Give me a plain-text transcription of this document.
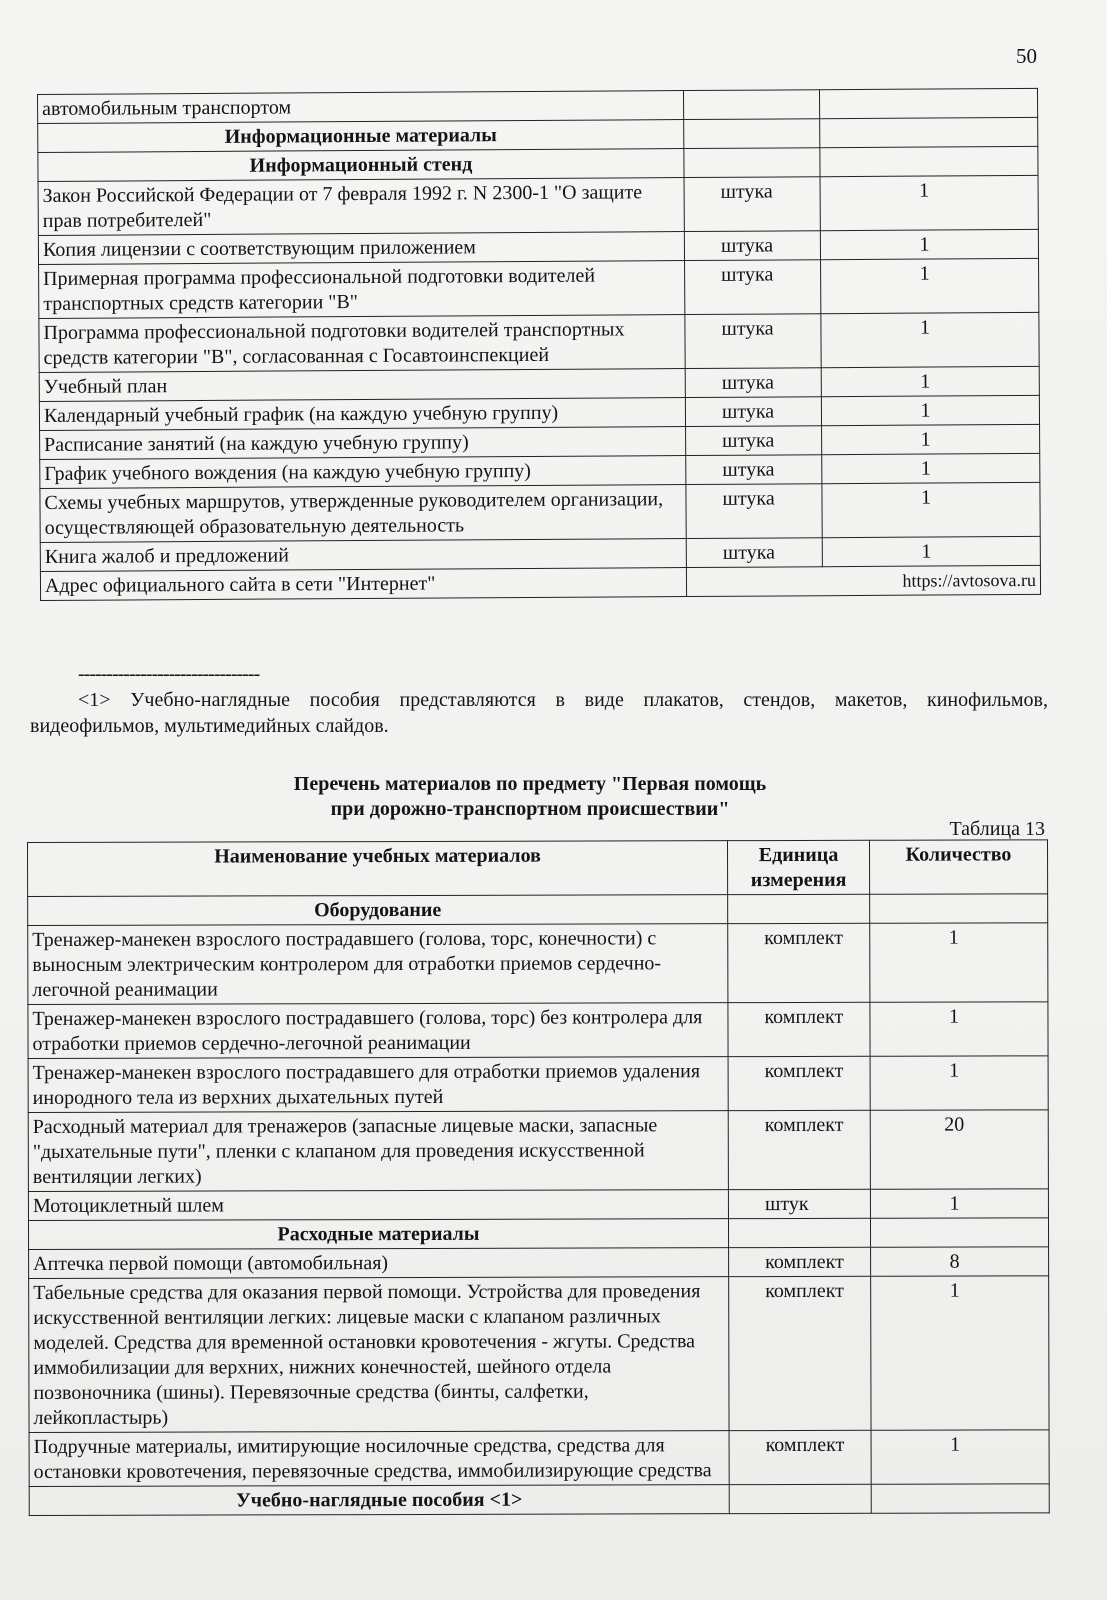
50
автомобильным транспортом		
Информационные материалы		
Информационный стенд		
Закон Российской Федерации от 7 февраля 1992 г. N 2300-1 "О защите прав потребителей"	штука	1
Копия лицензии с соответствующим приложением	штука	1
Примерная программа профессиональной подготовки водителей транспортных средств категории "B"	штука	1
Программа профессиональной подготовки водителей транспортных средств категории "B", согласованная с Госавтоинспекцией	штука	1
Учебный план	штука	1
Календарный учебный график (на каждую учебную группу)	штука	1
Расписание занятий (на каждую учебную группу)	штука	1
График учебного вождения (на каждую учебную группу)	штука	1
Схемы учебных маршрутов, утвержденные руководителем организации, осуществляющей образовательную деятельность	штука	1
Книга жалоб и предложений	штука	1
Адрес официального сайта в сети "Интернет"	https://avtosova.ru	
--------------------------------
<1> Учебно-наглядные пособия представляются в виде плакатов, стендов, макетов, кинофильмов, видеофильмов, мультимедийных слайдов.
Перечень материалов по предмету "Первая помощь
при дорожно-транспортном происшествии"
Таблица 13
Наименование учебных материалов	Единица измерения	Количество
Оборудование		
Тренажер-манекен взрослого пострадавшего (голова, торс, конечности) с выносным электрическим контролером для отработки приемов сердечно-легочной реанимации	комплект	1
Тренажер-манекен взрослого пострадавшего (голова, торс) без контролера для отработки приемов сердечно-легочной реанимации	комплект	1
Тренажер-манекен взрослого пострадавшего для отработки приемов удаления инородного тела из верхних дыхательных путей	комплект	1
Расходный материал для тренажеров (запасные лицевые маски, запасные "дыхательные пути", пленки с клапаном для проведения искусственной вентиляции легких)	комплект	20
Мотоциклетный шлем	штук	1
Расходные материалы		
Аптечка первой помощи (автомобильная)	комплект	8
Табельные средства для оказания первой помощи. Устройства для проведения искусственной вентиляции легких: лицевые маски с клапаном различных моделей. Средства для временной остановки кровотечения - жгуты. Средства иммобилизации для верхних, нижних конечностей, шейного отдела позвоночника (шины). Перевязочные средства (бинты, салфетки, лейкопластырь)	комплект	1
Подручные материалы, имитирующие носилочные средства, средства для остановки кровотечения, перевязочные средства, иммобилизирующие средства	комплект	1
Учебно-наглядные пособия <1>		
